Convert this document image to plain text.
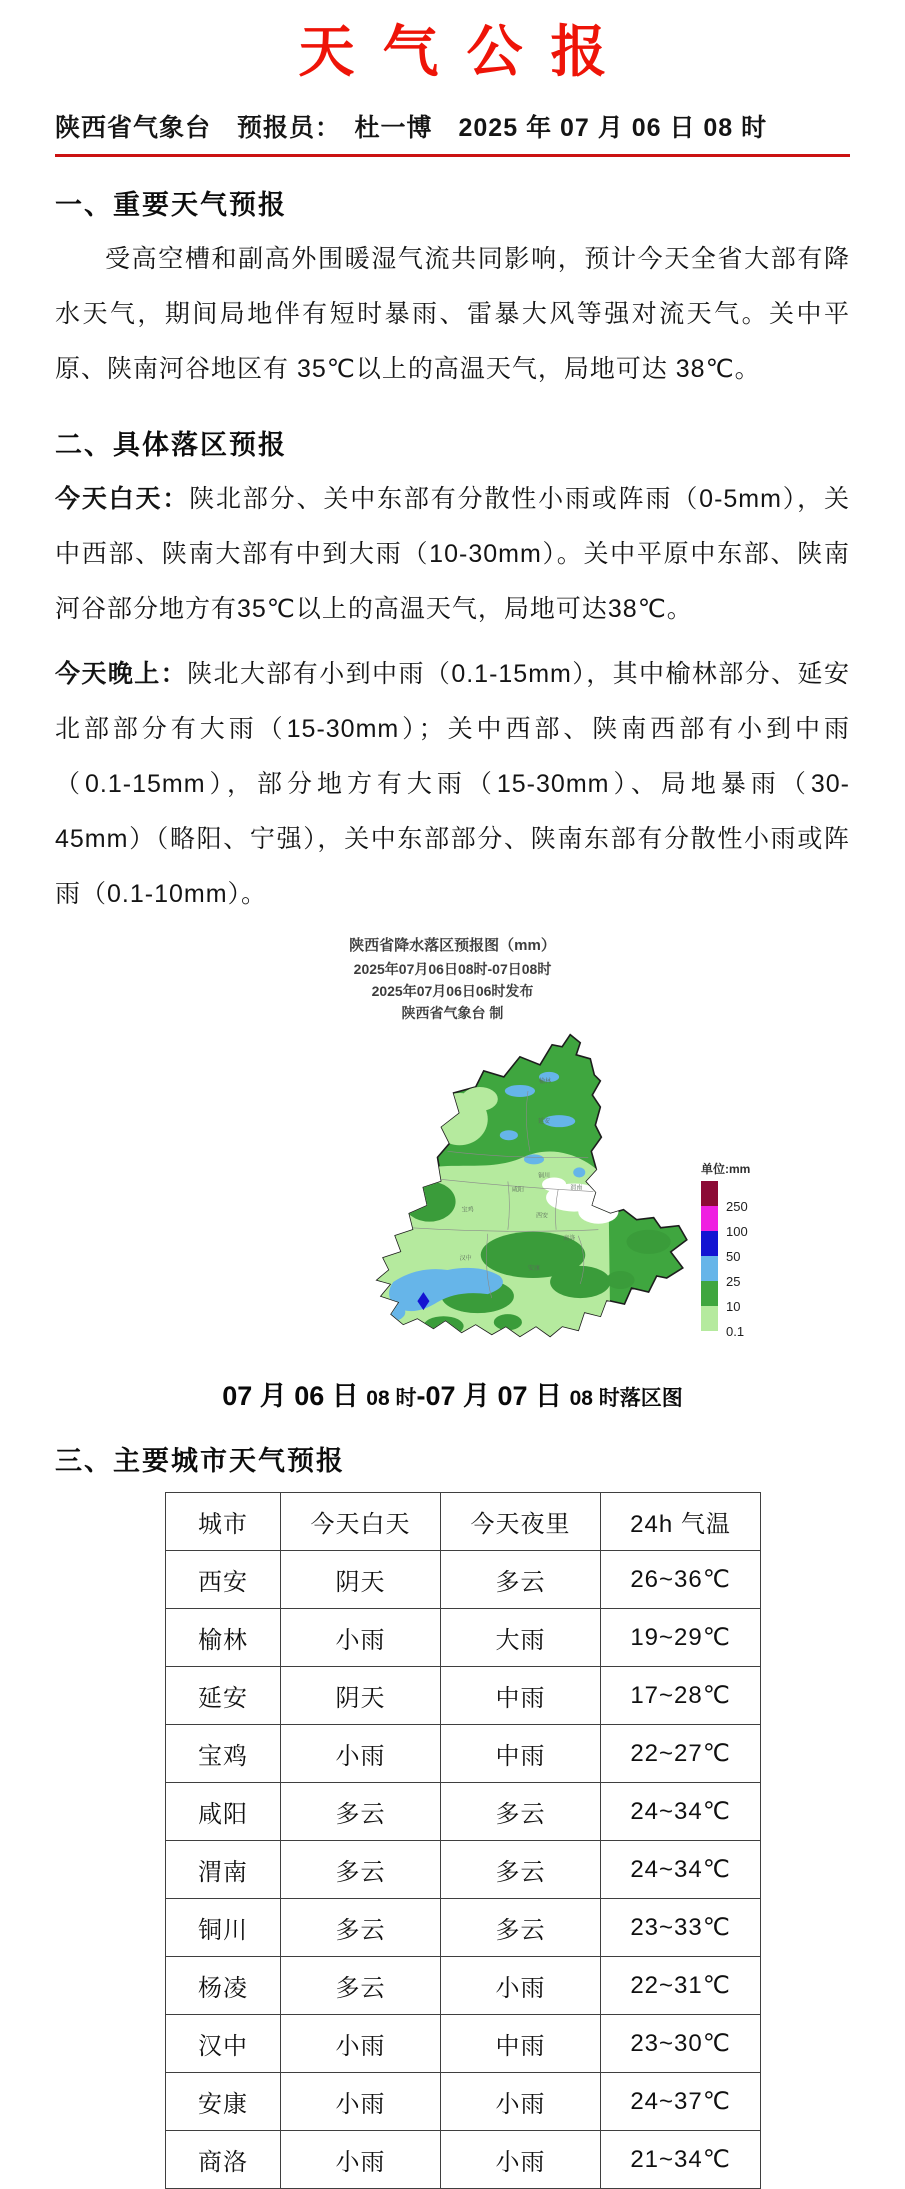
天气公报
陕西省气象台　预报员：　杜一博　2025 年 07 月 06 日 08 时
一、重要天气预报

受高空槽和副高外围暖湿气流共同影响，预计今天全省大部有降水天气，期间局地伴有短时暴雨、雷暴大风等强对流天气。关中平原、陕南河谷地区有 35℃以上的高温天气，局地可达 38℃。

二、具体落区预报

今天白天：陕北部分、关中东部有分散性小雨或阵雨（0-5mm），关中西部、陕南大部有中到大雨（10-30mm）。关中平原中东部、陕南河谷部分地方有35℃以上的高温天气，局地可达38℃。

今天晚上：陕北大部有小到中雨（0.1-15mm），其中榆林部分、延安北部部分有大雨（15-30mm）；关中西部、陕南西部有小到中雨（0.1-15mm），部分地方有大雨（15-30mm）、局地暴雨（30-45mm）（略阳、宁强），关中东部部分、陕南东部有分散性小雨或阵雨（0.1-10mm）。

陕西省降水落区预报图（mm）
2025年07月06日08时-07日08时
2025年07月06日06时发布
陕西省气象台 制
榆林
延安
铜川
咸阳	渭南
西安
宝鸡
汉中
安康
商洛
单位:mm
250
100
50
25
10
0.1
07 月 06 日 08 时-07 月 07 日 08 时落区图
三、主要城市天气预报
城市	今天白天	今天夜里	24h 气温
西安	阴天	多云	26~36℃
榆林	小雨	大雨	19~29℃
延安	阴天	中雨	17~28℃
宝鸡	小雨	中雨	22~27℃
咸阳	多云	多云	24~34℃
渭南	多云	多云	24~34℃
铜川	多云	多云	23~33℃
杨凌	多云	小雨	22~31℃
汉中	小雨	中雨	23~30℃
安康	小雨	小雨	24~37℃
商洛	小雨	小雨	21~34℃
